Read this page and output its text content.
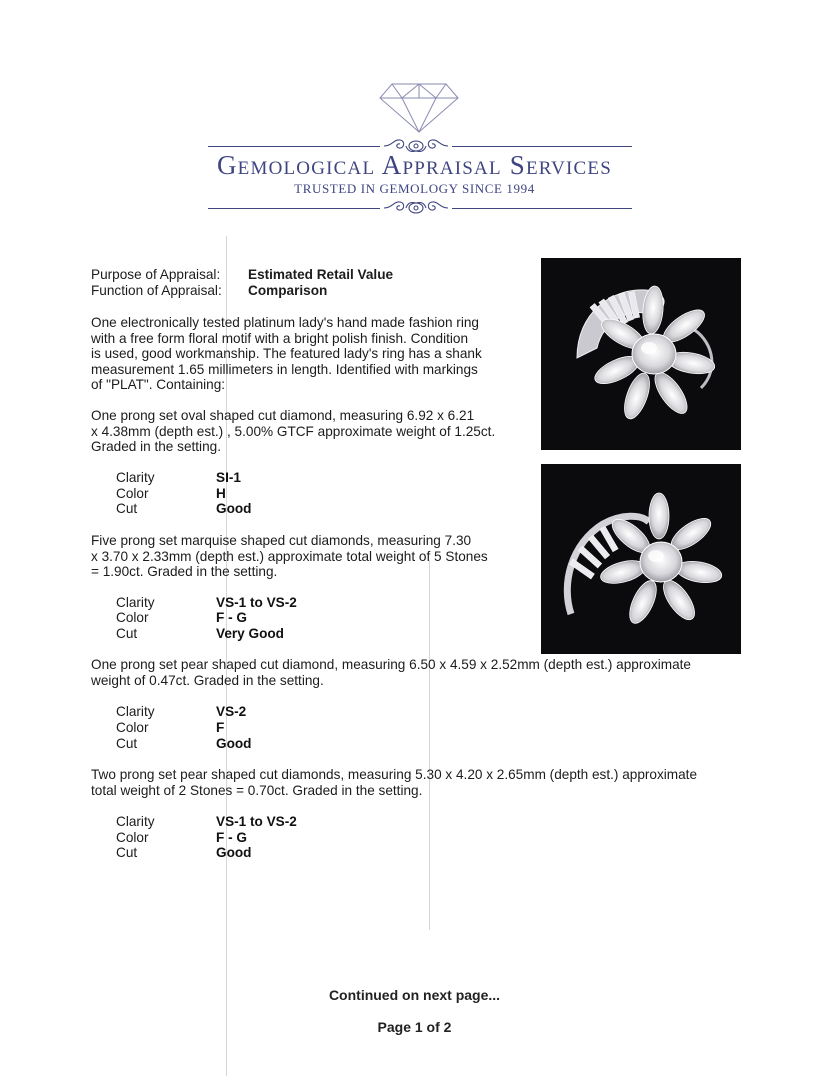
Gemological Appraisal Services
TRUSTED IN GEMOLOGY SINCE 1994
Purpose of Appraisal: Estimated Retail Value
Function of Appraisal: Comparison
One electronically tested platinum lady's hand made fashion ring
with a free form floral motif with a bright polish finish. Condition
is used, good workmanship. The featured lady's ring has a shank
measurement 1.65 millimeters in length. Identified with markings
of "PLAT". Containing:
One prong set oval shaped cut diamond, measuring 6.92 x 6.21
x 4.38mm (depth est.) , 5.00% GTCF approximate weight of 1.25ct.
Graded in the setting.
Clarity	SI-1
Color	H
Cut	Good
Five prong set marquise shaped cut diamonds, measuring 7.30
x 3.70 x 2.33mm (depth est.) approximate total weight of 5 Stones
= 1.90ct. Graded in the setting.
Clarity	VS-1 to VS-2
Color	F - G
Cut	Very Good
One prong set pear shaped cut diamond, measuring 6.50 x 4.59 x 2.52mm (depth est.) approximate
weight of 0.47ct. Graded in the setting.
Clarity	VS-2
Color	F
Cut	Good
Two prong set pear shaped cut diamonds, measuring 5.30 x 4.20 x 2.65mm (depth est.) approximate
total weight of 2 Stones = 0.70ct. Graded in the setting.
Clarity	VS-1 to VS-2
Color	F - G
Cut	Good
Continued on next page...
Page 1 of 2
